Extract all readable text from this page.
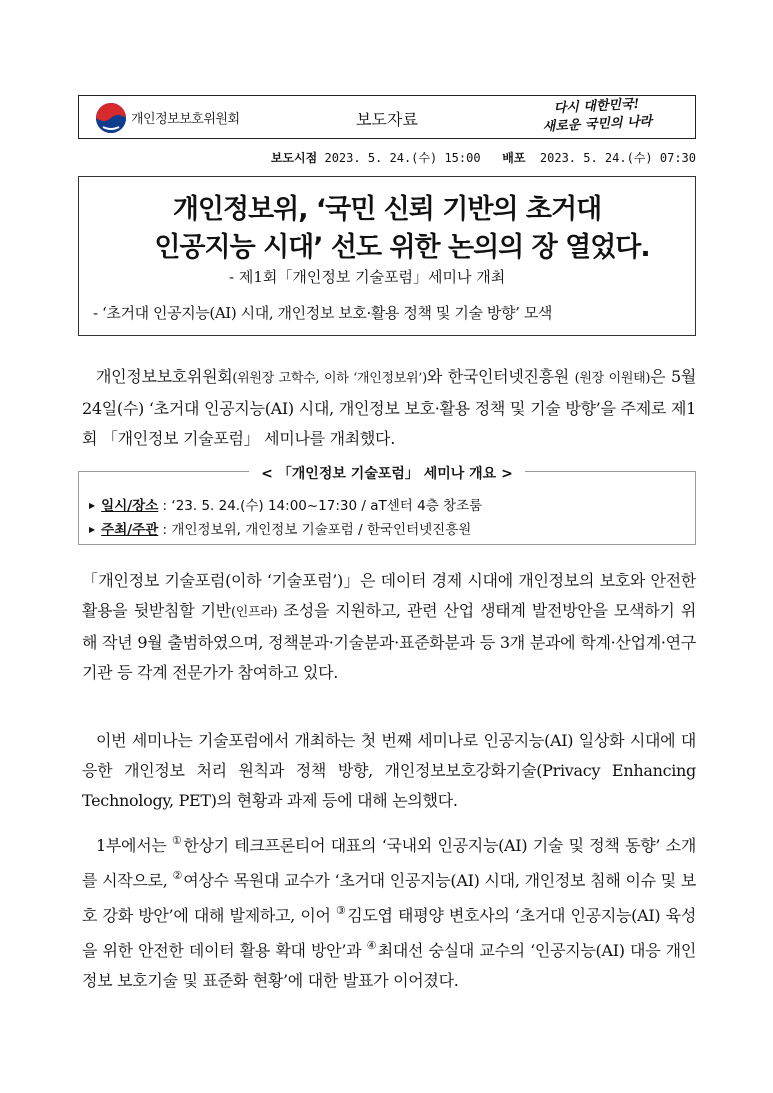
개인정보보호위원회	보도자료
다시 대한민국!
새로운 국민의 나라
보도시점 2023. 5. 24.(수) 15:00 배포 2023. 5. 24.(수) 07:30
개인정보위, ‘국민 신뢰 기반의 초거대
인공지능 시대’ 선도 위한 논의의 장 열었다.
- 제1회「개인정보 기술포럼」세미나 개최
- ‘초거대 인공지능(AI) 시대, 개인정보 보호·활용 정책 및 기술 방향’ 모색
개인정보보호위원회(위원장 고학수, 이하 ‘개인정보위’)와 한국인터넷진흥원 (원장 이원태)은 5월 24일(수) ‘초거대 인공지능(AI) 시대, 개인정보 보호·활용 정책 및 기술 방향’을 주제로 제1회 「개인정보 기술포럼」 세미나를 개최했다.
< 「개인정보 기술포럼」 세미나 개요 >
▶ 일시/장소 : ‘23. 5. 24.(수) 14:00~17:30 / aT센터 4층 창조룸
▶ 주최/주관 : 개인정보위, 개인정보 기술포럼 / 한국인터넷진흥원
「개인정보 기술포럼(이하 ‘기술포럼’)」은 데이터 경제 시대에 개인정보의 보호와 안전한 활용을 뒷받침할 기반(인프라) 조성을 지원하고, 관련 산업 생태계 발전방안을 모색하기 위해 작년 9월 출범하였으며, 정책분과·기술분과·표준화분과 등 3개 분과에 학계·산업계·연구기관 등 각계 전문가가 참여하고 있다.
이번 세미나는 기술포럼에서 개최하는 첫 번째 세미나로 인공지능(AI) 일상화 시대에 대응한 개인정보 처리 원칙과 정책 방향, 개인정보보호강화기술(Privacy Enhancing Technology, PET)의 현황과 과제 등에 대해 논의했다.
1부에서는 ①한상기 테크프론티어 대표의 ‘국내외 인공지능(AI) 기술 및 정책 동향’ 소개를 시작으로, ②여상수 목원대 교수가 ‘초거대 인공지능(AI) 시대, 개인정보 침해 이슈 및 보호 강화 방안’에 대해 발제하고, 이어 ③김도엽 태평양 변호사의 ‘초거대 인공지능(AI) 육성을 위한 안전한 데이터 활용 확대 방안’과 ④최대선 숭실대 교수의 ‘인공지능(AI) 대응 개인정보 보호기술 및 표준화 현황’에 대한 발표가 이어졌다.
